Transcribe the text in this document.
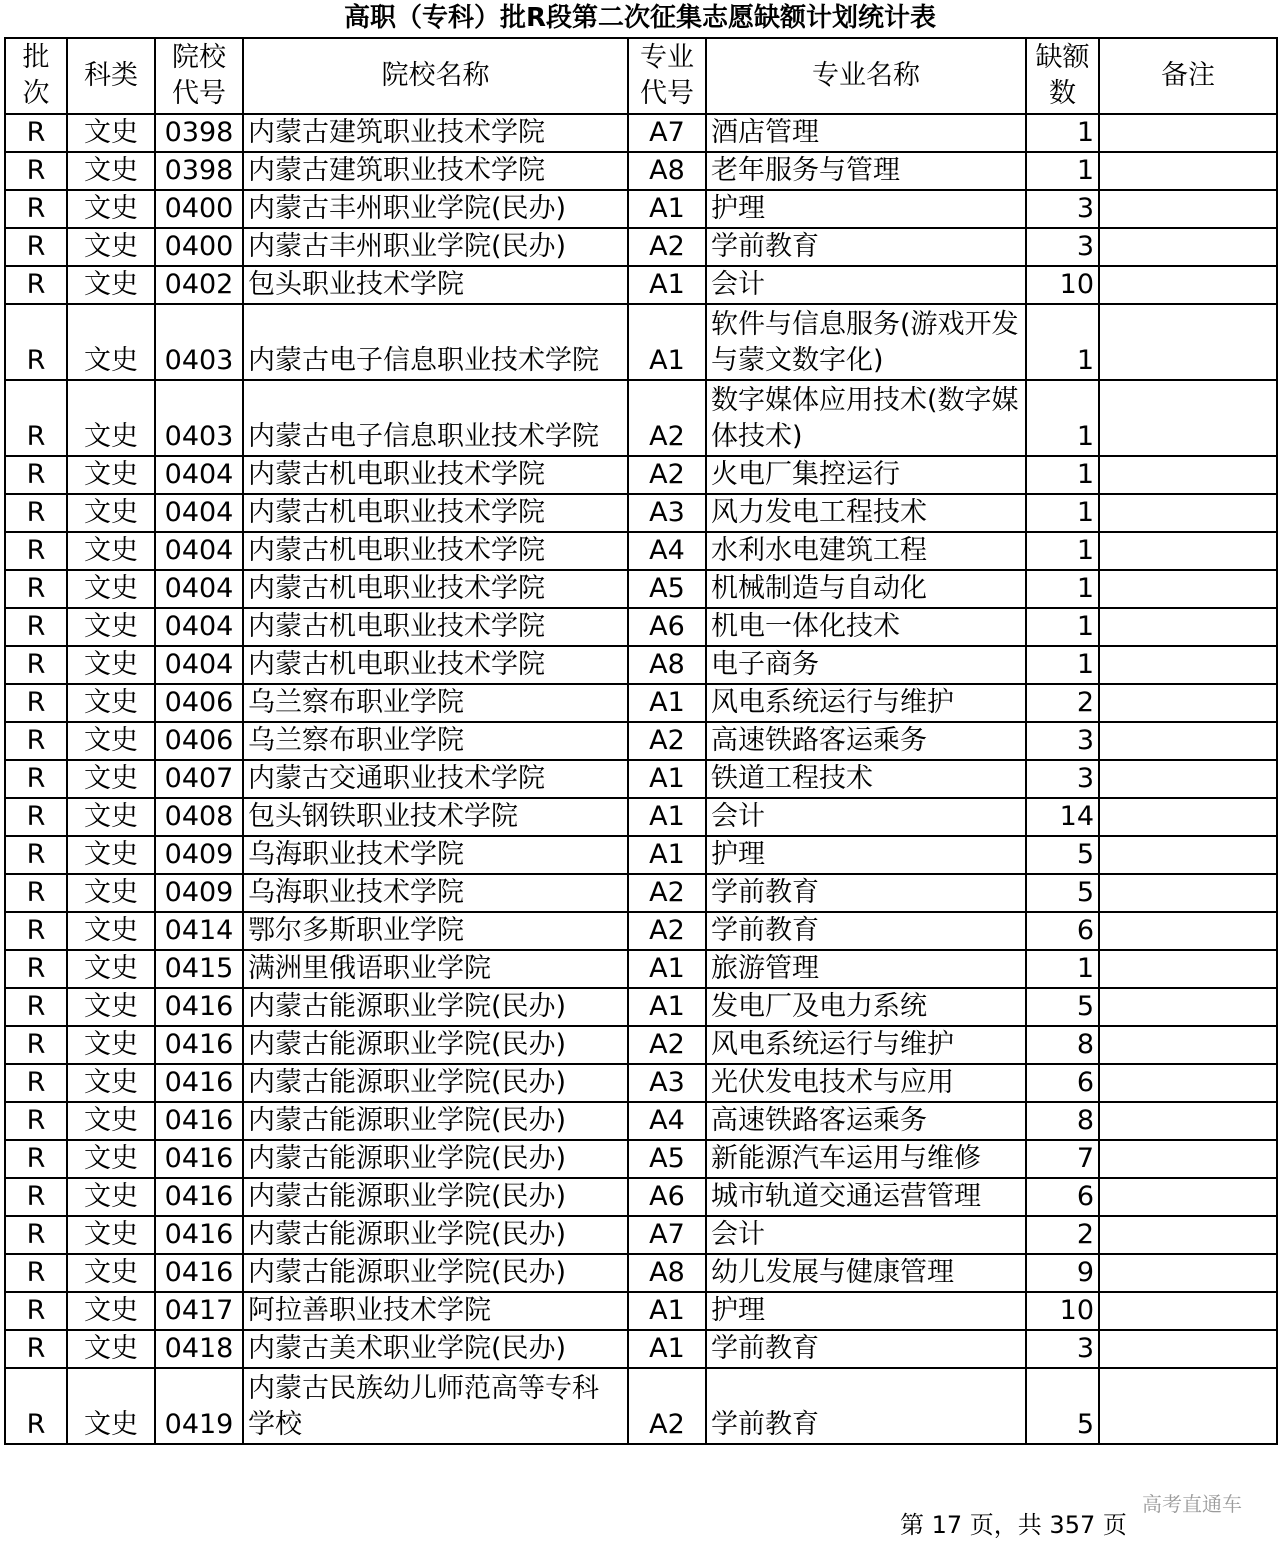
高职（专科）批R段第二次征集志愿缺额计划统计表
批次	科类	院校代号	院校名称	专业代号	专业名称	缺额数	备注
R	文史	0398	内蒙古建筑职业技术学院	A7	酒店管理	1	
R	文史	0398	内蒙古建筑职业技术学院	A8	老年服务与管理	1	
R	文史	0400	内蒙古丰州职业学院(民办)	A1	护理	3	
R	文史	0400	内蒙古丰州职业学院(民办)	A2	学前教育	3	
R	文史	0402	包头职业技术学院	A1	会计	10	
R	文史	0403	内蒙古电子信息职业技术学院	A1	软件与信息服务(游戏开发与蒙文数字化)	1	
R	文史	0403	内蒙古电子信息职业技术学院	A2	数字媒体应用技术(数字媒体技术)	1	
R	文史	0404	内蒙古机电职业技术学院	A2	火电厂集控运行	1	
R	文史	0404	内蒙古机电职业技术学院	A3	风力发电工程技术	1	
R	文史	0404	内蒙古机电职业技术学院	A4	水利水电建筑工程	1	
R	文史	0404	内蒙古机电职业技术学院	A5	机械制造与自动化	1	
R	文史	0404	内蒙古机电职业技术学院	A6	机电一体化技术	1	
R	文史	0404	内蒙古机电职业技术学院	A8	电子商务	1	
R	文史	0406	乌兰察布职业学院	A1	风电系统运行与维护	2	
R	文史	0406	乌兰察布职业学院	A2	高速铁路客运乘务	3	
R	文史	0407	内蒙古交通职业技术学院	A1	铁道工程技术	3	
R	文史	0408	包头钢铁职业技术学院	A1	会计	14	
R	文史	0409	乌海职业技术学院	A1	护理	5	
R	文史	0409	乌海职业技术学院	A2	学前教育	5	
R	文史	0414	鄂尔多斯职业学院	A2	学前教育	6	
R	文史	0415	满洲里俄语职业学院	A1	旅游管理	1	
R	文史	0416	内蒙古能源职业学院(民办)	A1	发电厂及电力系统	5	
R	文史	0416	内蒙古能源职业学院(民办)	A2	风电系统运行与维护	8	
R	文史	0416	内蒙古能源职业学院(民办)	A3	光伏发电技术与应用	6	
R	文史	0416	内蒙古能源职业学院(民办)	A4	高速铁路客运乘务	8	
R	文史	0416	内蒙古能源职业学院(民办)	A5	新能源汽车运用与维修	7	
R	文史	0416	内蒙古能源职业学院(民办)	A6	城市轨道交通运营管理	6	
R	文史	0416	内蒙古能源职业学院(民办)	A7	会计	2	
R	文史	0416	内蒙古能源职业学院(民办)	A8	幼儿发展与健康管理	9	
R	文史	0417	阿拉善职业技术学院	A1	护理	10	
R	文史	0418	内蒙古美术职业学院(民办)	A1	学前教育	3	
R	文史	0419	内蒙古民族幼儿师范高等专科学校	A2	学前教育	5	
第 17 页，共 357 页
高考直通车
